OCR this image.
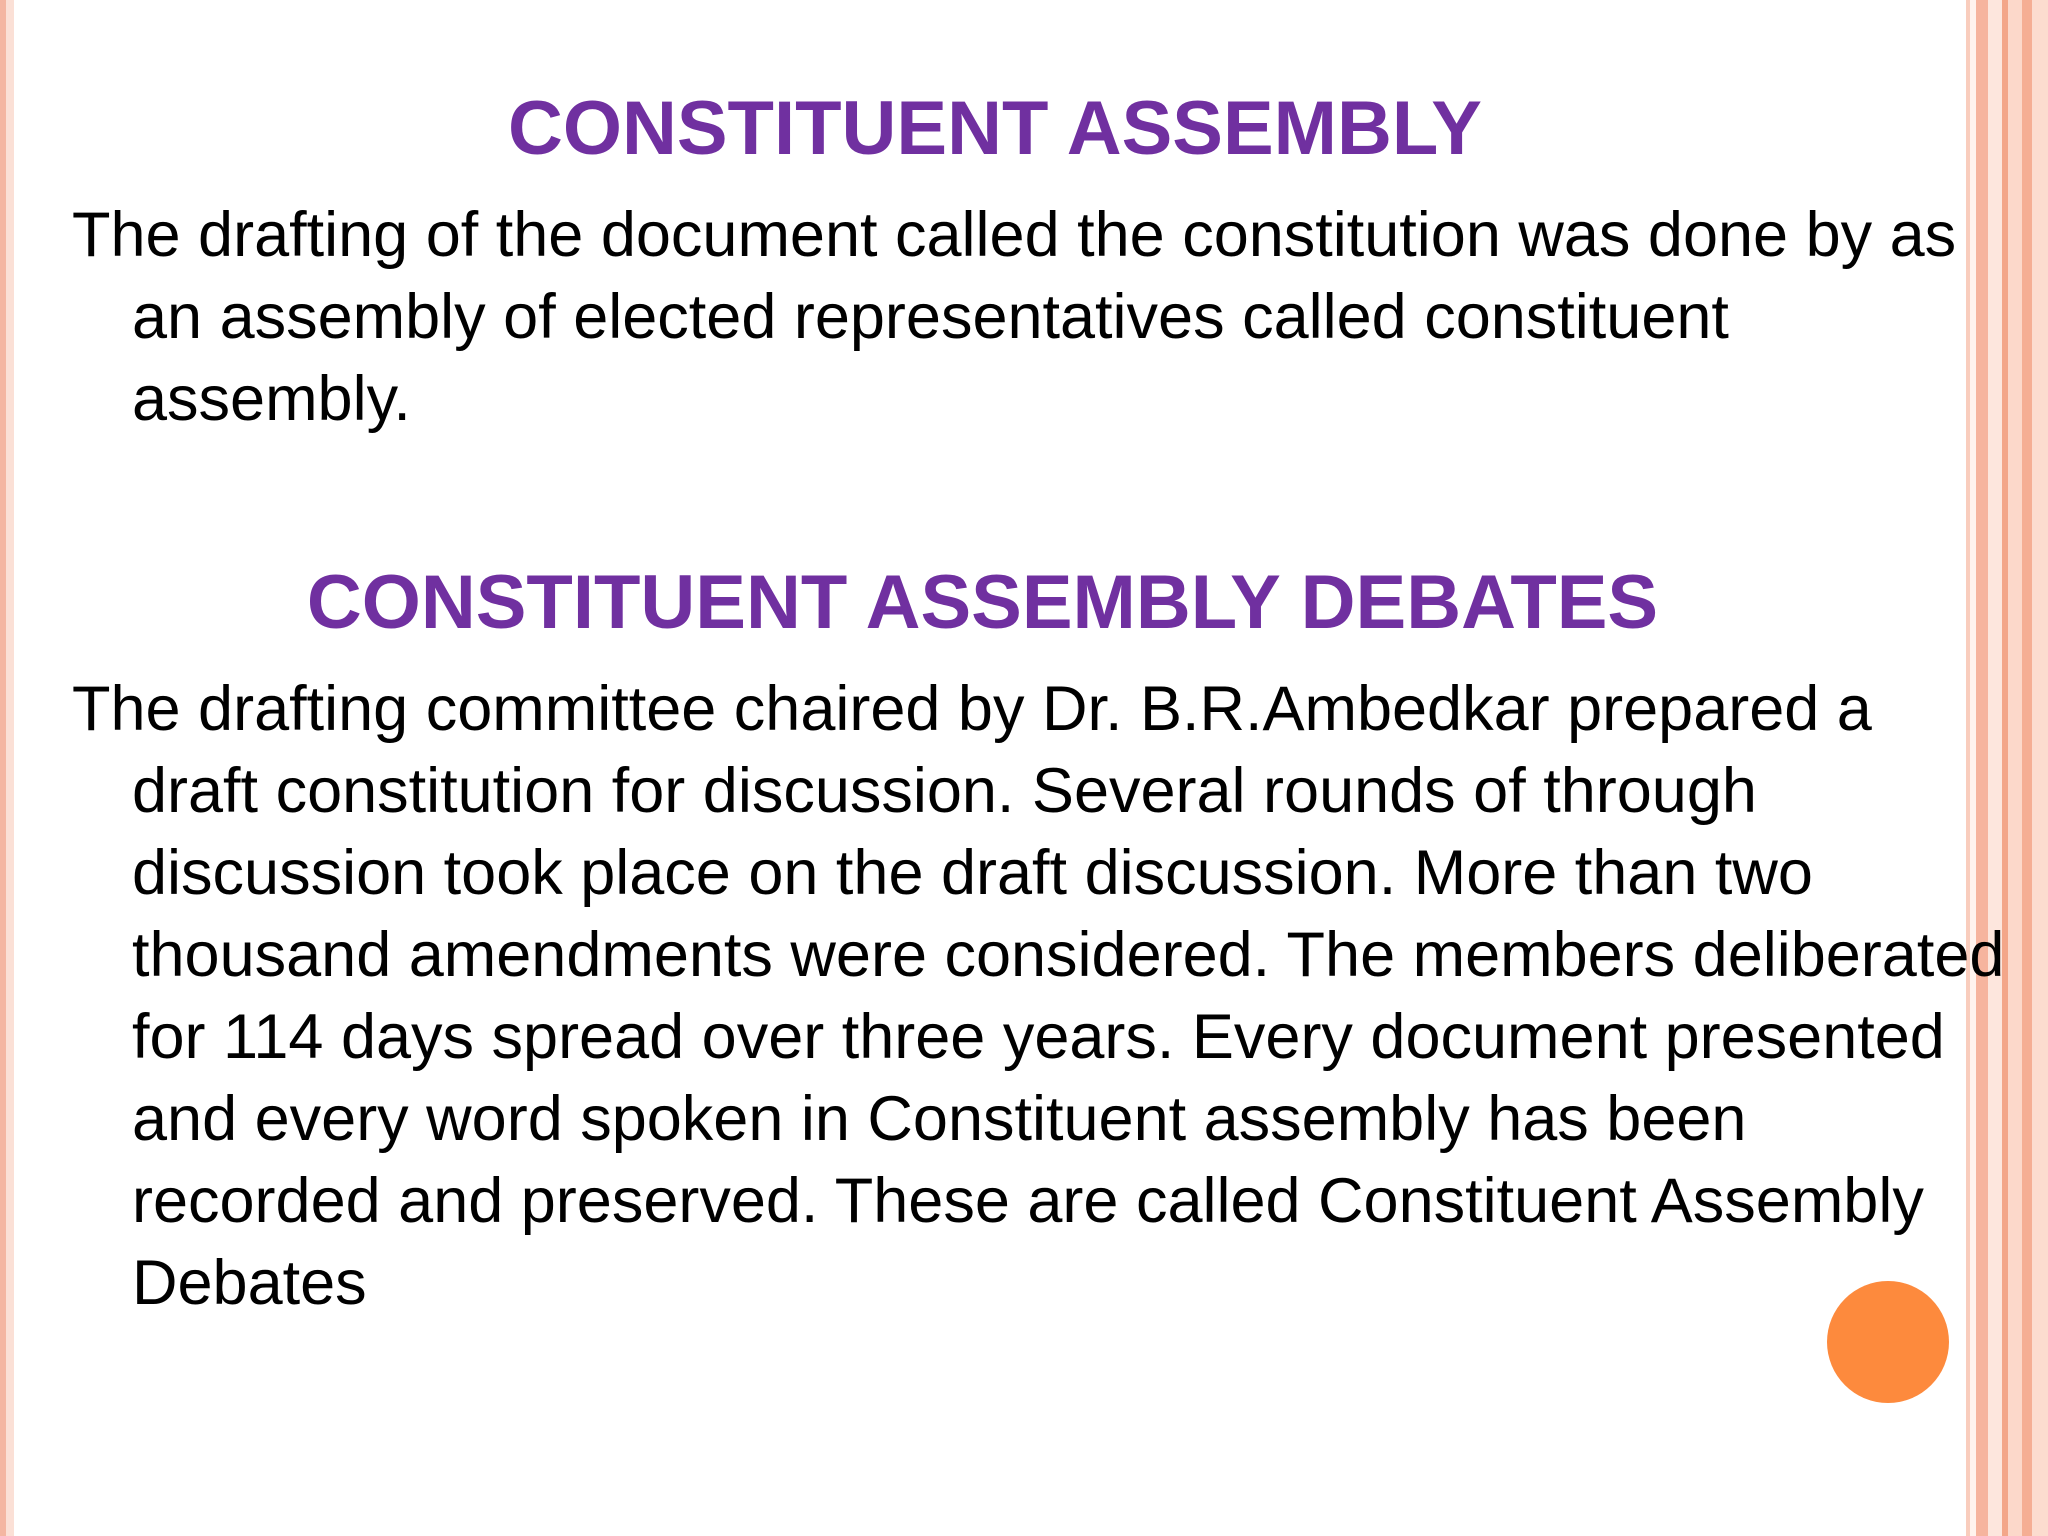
CONSTITUENT ASSEMBLY

The drafting of the document called the constitution was done by as an assembly of elected representatives called constituent assembly.

CONSTITUENT ASSEMBLY DEBATES

The drafting committee chaired by Dr. B.R.Ambedkar prepared a draft constitution for discussion. Several rounds of through discussion took place on the draft discussion. More than two thousand amendments were considered. The members deliberated for 114 days spread over three years. Every document presented and every word spoken in Constituent assembly has been recorded and preserved. These are called Constituent Assembly Debates
